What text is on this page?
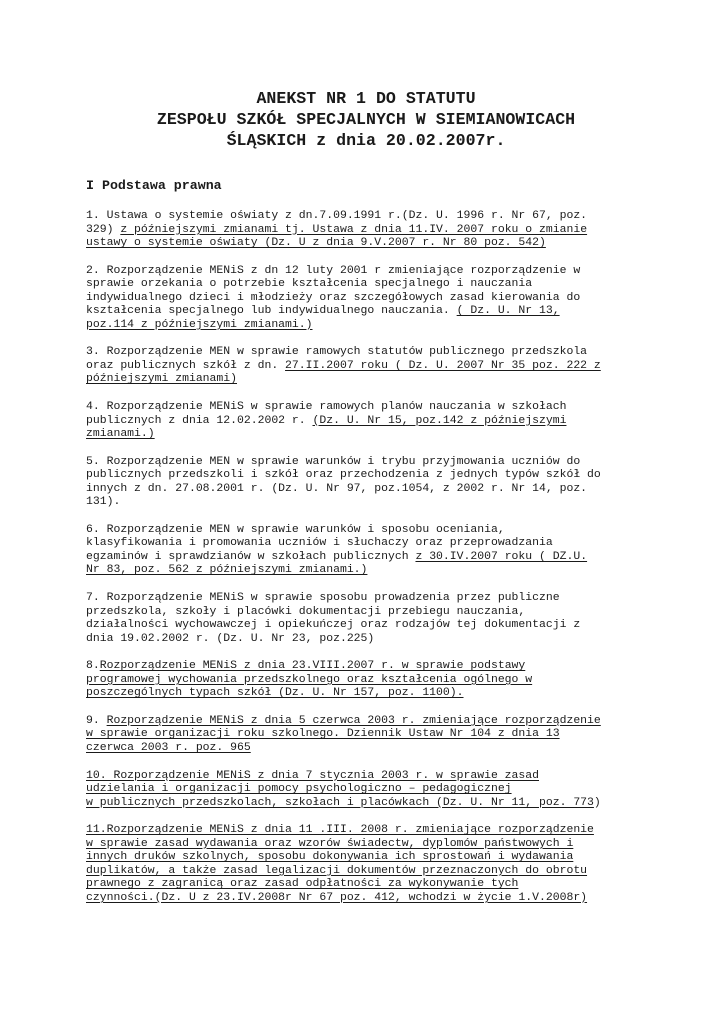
ANEKST NR 1 DO STATUTU
ZESPOŁU SZKÓŁ SPECJALNYCH W SIEMIANOWICACH
ŚLĄSKICH z dnia 20.02.2007r.
I Podstawa prawna
1. Ustawa o systemie oświaty z dn.7.09.1991 r.(Dz. U. 1996 r. Nr 67, poz.
329) z późniejszymi zmianami tj. Ustawa z dnia 11.IV. 2007 roku o zmianie
ustawy o systemie oświaty (Dz. U z dnia 9.V.2007 r. Nr 80 poz. 542)
2. Rozporządzenie MENiS z dn 12 luty 2001 r zmieniające rozporządzenie w
sprawie orzekania o potrzebie kształcenia specjalnego i nauczania
indywidualnego dzieci i młodzieży oraz szczegółowych zasad kierowania do
kształcenia specjalnego lub indywidualnego nauczania. ( Dz. U. Nr 13,
poz.114 z późniejszymi zmianami.)
3. Rozporządzenie MEN w sprawie ramowych statutów publicznego przedszkola
oraz publicznych szkół z dn. 27.II.2007 roku ( Dz. U. 2007 Nr 35 poz. 222 z
późniejszymi zmianami)
4. Rozporządzenie MENiS w sprawie ramowych planów nauczania w szkołach
publicznych z dnia 12.02.2002 r. (Dz. U. Nr 15, poz.142 z późniejszymi
zmianami.)
5. Rozporządzenie MEN w sprawie warunków i trybu przyjmowania uczniów do
publicznych przedszkoli i szkół oraz przechodzenia z jednych typów szkół do
innych z dn. 27.08.2001 r. (Dz. U. Nr 97, poz.1054, z 2002 r. Nr 14, poz.
131).
6. Rozporządzenie MEN w sprawie warunków i sposobu oceniania,
klasyfikowania i promowania uczniów i słuchaczy oraz przeprowadzania
egzaminów i sprawdzianów w szkołach publicznych z 30.IV.2007 roku ( DZ.U.
Nr 83, poz. 562 z późniejszymi zmianami.)
7. Rozporządzenie MENiS w sprawie sposobu prowadzenia przez publiczne
przedszkola, szkoły i placówki dokumentacji przebiegu nauczania,
działalności wychowawczej i opiekuńczej oraz rodzajów tej dokumentacji z
dnia 19.02.2002 r. (Dz. U. Nr 23, poz.225)
8.Rozporządzenie MENiS z dnia 23.VIII.2007 r. w sprawie podstawy
programowej wychowania przedszkolnego oraz kształcenia ogólnego w
poszczególnych typach szkół (Dz. U. Nr 157, poz. 1100).
9. Rozporządzenie MENiS z dnia 5 czerwca 2003 r. zmieniające rozporządzenie
w sprawie organizacji roku szkolnego. Dziennik Ustaw Nr 104 z dnia 13
czerwca 2003 r. poz. 965
10. Rozporządzenie MENiS z dnia 7 stycznia 2003 r. w sprawie zasad
udzielania i organizacji pomocy psychologiczno – pedagogicznej
w publicznych przedszkolach, szkołach i placówkach (Dz. U. Nr 11, poz. 773)
11.Rozporządzenie MENiS z dnia 11 .III. 2008 r. zmieniające rozporządzenie
w sprawie zasad wydawania oraz wzorów świadectw, dyplomów państwowych i
innych druków szkolnych, sposobu dokonywania ich sprostowań i wydawania
duplikatów, a także zasad legalizacji dokumentów przeznaczonych do obrotu
prawnego z zagranicą oraz zasad odpłatności za wykonywanie tych
czynności.(Dz. U z 23.IV.2008r Nr 67 poz. 412, wchodzi w życie 1.V.2008r)
